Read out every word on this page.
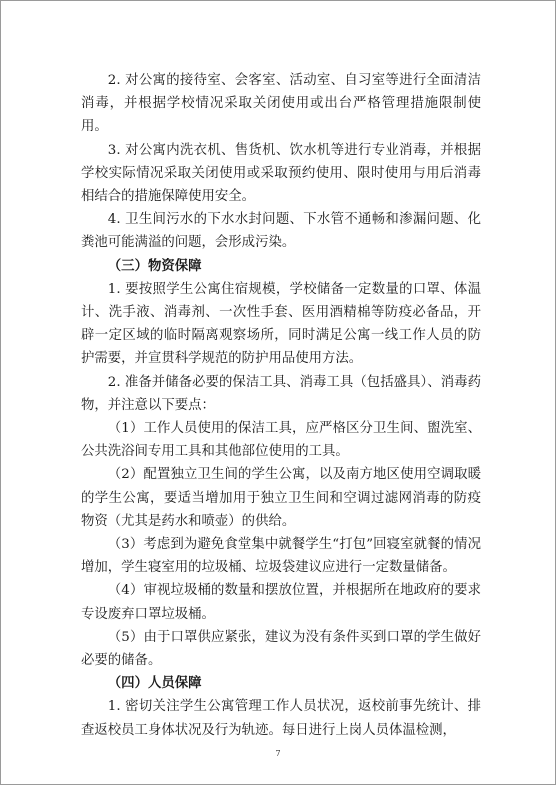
2. 对公寓的接待室、会客室、活动室、自习室等进行全面清洁消毒，并根据学校情况采取关闭使用或出台严格管理措施限制使用。

3. 对公寓内洗衣机、售货机、饮水机等进行专业消毒，并根据学校实际情况采取关闭使用或采取预约使用、限时使用与用后消毒相结合的措施保障使用安全。

4. 卫生间污水的下水水封问题、下水管不通畅和渗漏问题、化粪池可能满溢的问题，会形成污染。

（三）物资保障

1. 要按照学生公寓住宿规模，学校储备一定数量的口罩、体温计、洗手液、消毒剂、一次性手套、医用酒精棉等防疫必备品，开辟一定区域的临时隔离观察场所，同时满足公寓一线工作人员的防护需要，并宣贯科学规范的防护用品使用方法。

2. 准备并储备必要的保洁工具、消毒工具（包括盛具）、消毒药物，并注意以下要点：

（1）工作人员使用的保洁工具，应严格区分卫生间、盥洗室、公共洗浴间专用工具和其他部位使用的工具。

（2）配置独立卫生间的学生公寓，以及南方地区使用空调取暖的学生公寓，要适当增加用于独立卫生间和空调过滤网消毒的防疫物资（尤其是药水和喷壶）的供给。

（3）考虑到为避免食堂集中就餐学生“打包”回寝室就餐的情况增加，学生寝室用的垃圾桶、垃圾袋建议应进行一定数量储备。

（4）审视垃圾桶的数量和摆放位置，并根据所在地政府的要求专设废弃口罩垃圾桶。

（5）由于口罩供应紧张，建议为没有条件买到口罩的学生做好必要的储备。

（四）人员保障

1. 密切关注学生公寓管理工作人员状况，返校前事先统计、排查返校员工身体状况及行为轨迹。每日进行上岗人员体温检测，

7
